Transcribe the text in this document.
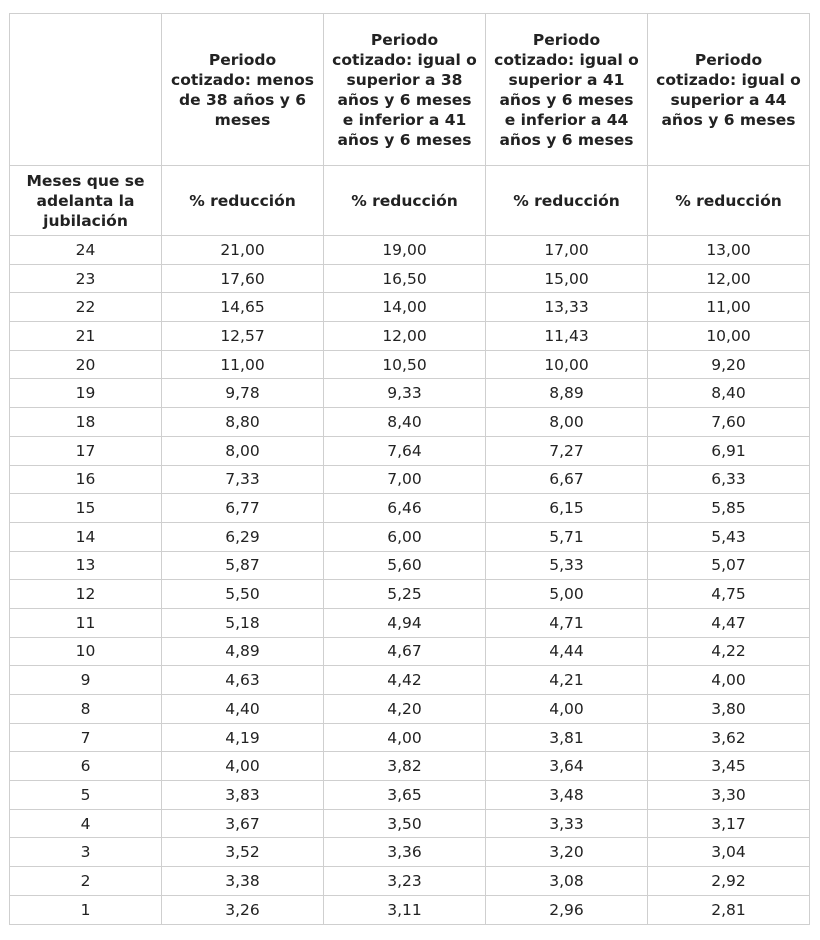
	Periodo cotizado: menos de 38 años y 6 meses	Periodo cotizado: igual o superior a 38 años y 6 meses e inferior a 41 años y 6 meses	Periodo cotizado: igual o superior a 41 años y 6 meses e inferior a 44 años y 6 meses	Periodo cotizado: igual o superior a 44 años y 6 meses
Meses que se adelanta la jubilación	% reducción	% reducción	% reducción	% reducción
24	21,00	19,00	17,00	13,00
23	17,60	16,50	15,00	12,00
22	14,65	14,00	13,33	11,00
21	12,57	12,00	11,43	10,00
20	11,00	10,50	10,00	9,20
19	9,78	9,33	8,89	8,40
18	8,80	8,40	8,00	7,60
17	8,00	7,64	7,27	6,91
16	7,33	7,00	6,67	6,33
15	6,77	6,46	6,15	5,85
14	6,29	6,00	5,71	5,43
13	5,87	5,60	5,33	5,07
12	5,50	5,25	5,00	4,75
11	5,18	4,94	4,71	4,47
10	4,89	4,67	4,44	4,22
9	4,63	4,42	4,21	4,00
8	4,40	4,20	4,00	3,80
7	4,19	4,00	3,81	3,62
6	4,00	3,82	3,64	3,45
5	3,83	3,65	3,48	3,30
4	3,67	3,50	3,33	3,17
3	3,52	3,36	3,20	3,04
2	3,38	3,23	3,08	2,92
1	3,26	3,11	2,96	2,81
